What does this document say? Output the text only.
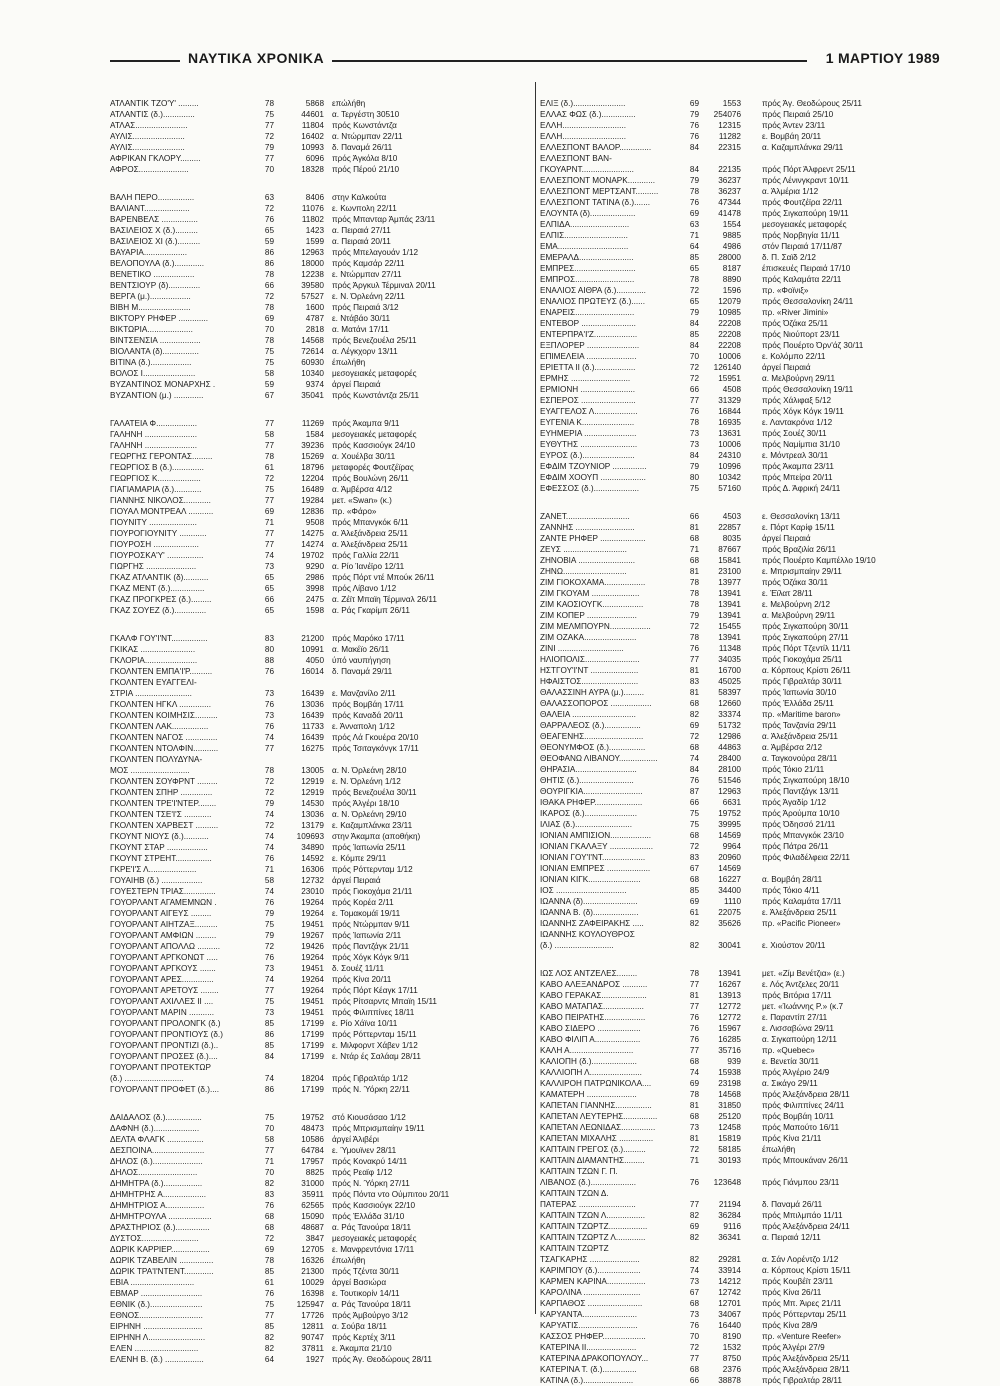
ΝΑΥΤΙΚΑ ΧΡΟΝΙΚΑ	1 ΜΑΡΤΙΟΥ 1989
ΑΤΛΑΝΤΙΚ ΤΖΟ'Υ' .........	78	5868 επώλήθη
ΑΤΛΑΝΤΙΣ (δ.)..............	75	44601 α. Τεργέστη 30510
ΑΤΛΑΣ.......................	77	11804 πρός Κωνστάντζα
ΑΥΛΙΣ.......................	72	16402 α. Ντώρμπαν 22/11
ΑΥΛΙΣ.......................	79	10993 δ. Παναμά 26/11
ΑΦΡΙΚΑΝ ΓΚΛΟΡΥ.........	77	6096 πρός Άγκόλα 8/10
ΑΦΡΟΣ......................	70	18328 πρός Πέρού 21/10
ΒΑΛΗ ΠΕΡΟ................	63	8406 στην Καλκούτα
ΒΑΛΙΑΝΤ....................	72	11076 ε. Κωνπολη 22/11
ΒΑΡΕΝΒΕΛΣ ................	76	11802 πρός Μπανταρ Άμπάς 23/11
ΒΑΣΙΛΕΙΟΣ Χ (δ.)..........	65	1423 α. Πειραιά 27/11
ΒΑΣΙΛΕΙΟΣ ΧΙ (δ.)..........	59	1599 α. Πειραιά 20/11
ΒΑΥΑΡΙΑ...................	86	12963 πρός Μπελαγουάν 1/12
ΒΕΛΟΠΟΥΛΑ (δ.).............	86	18000 πρός Καμσάρ 22/11
ΒΕΝΕΤΙΚΟ ..................	78	12238 ε. Ντώρμπαν 27/11
ΒΕΝΤΣΙΟΥΡ (δ)..............	66	39580 πρός Άργκυλ Τέρμιναλ 20/11
ΒΕΡΓΑ (μ.)..................	72	57527 ε. Ν. Όρλεάνη 22/11
ΒΙΒΗ Μ.......................	78	1600 πρός Πειραιά 3/12
ΒΙΚΤΟΡΥ ΡΗΦΕΡ .............	69	4787 ε. Ντάβάο 30/11
ΒΙΚΤΩΡΙΑ....................	70	2818 α. Ματάνι 17/11
ΒΙΝΤΣΕΝΣΙΑ ..................	78	14568 πρός Βενεζουέλα 25/11
ΒΙΟΛΑΝΤΑ (δ)................	75	72614 α. Λέγκχορν 13/11
ΒΙΤΙΝΑ (δ.)..................	75	60930 έπωλήθη
ΒΟΛΟΣ Ι.......................	58	10340 μεσογειακές μεταφορές
ΒΥΖΑΝΤΙΝΟΣ ΜΟΝΑΡΧΗΣ .	59	9374 άργεί Πειραιά
ΒΥΖΑΝΤΙΟΝ (μ.) .............	67	35041 πρός Κωνστάντζα 25/11
ΓΑΛΑΤΕΙΑ Φ..................	77	11269 πρός Άκαμπα 9/11
ΓΑΛΗΝΗ .......................	58	1584 μεσογειακές μεταφορές
ΓΑΛΗΝΗ .......................	77	39236 πρός Κασσιούγκ 24/10
ΓΕΩΡΓΗΣ ΓΕΡΟΝΤΑΣ.........	78	15269 α. Χουέλβα 30/11
ΓΕΩΡΓΙΟΣ Β (δ.)..............	61	18796 μεταφορές Φουτζέϊρας
ΓΕΩΡΓΙΟΣ Κ...................	72	12204 πρός Βουλώνη 26/11
ΓΙΑΓΙΑΜΑΡΙΑ (δ.)............	75	16489 α. Άμβέρσα 4/12
ΓΙΑΝΝΗΣ ΝΙΚΟΛΟΣ............	77	19284 μετ. «Swan» (κ.)
ΓΙΟΥΑΛ ΜΟΝΤΡΕΑΛ ...........	69	12836 πρ. «Φάρο»
ΓΙΟΥΝΙΤΥ .....................	71	9508 πρός Μπανγκόκ 6/11
ΓΙΟΥΡΟΓΙΟΥΝΙΤΥ ............	77	14275 α. Άλεξάνδρεια 25/11
ΓΙΟΥΡΟΣΗ ....................	77	14274 α. Άλεξάνδρεια 25/11
ΓΙΟΥΡΟΣΚΑ'Υ' ................	74	19702 πρός Γαλλία 22/11
ΓΙΩΡΓΗΣ ......................	73	9290 α. Ρίο Ίανέϊρο 12/11
ΓΚΑΖ ΑΤΛΑΝΤΙΚ (δ)...........	65	2986 πρός Πόρτ ντέ Μπούκ 26/11
ΓΚΑΖ ΜΕΝΤ (δ.)...............	65	3998 πρός Λίβανο 1/12
ΓΚΑΖ ΠΡΟΓΚΡΕΣ (δ.).........	66	2475 α. Ζέϊτ Μπαϊη Τέρμιναλ 26/11
ΓΚΑΖ ΣΟΥΕΖ (δ.)..............	65	1598 α. Ράς Γκαρίμπ 26/11
ΓΚΑΛΦ ΓΟΥ'Ι'ΝΤ................	83	21200 πρός Μαρόκο 17/11
ΓΚΙΚΑΣ ........................	80	10991 α. Μακέϊο 26/11
ΓΚΛΟΡΙΑ.......................	88	4050 ύπό ναυπήγηση
ΓΚΟΛΝΤΕΝ ΕΜΠΑ'Ι'Ρ..........	76	16014 δ. Παναμά 29/11
ΓΚΟΛΝΤΕΝ ΕΥΑΓΓΕΛΙ-
ΣΤΡΙΑ .........................	73	16439 ε. Μανζανίλο 2/11
ΓΚΟΛΝΤΕΝ ΗΓΚΛ ..............	76	13036 πρός Βομβάη 17/11
ΓΚΟΛΝΤΕΝ ΚΟΙΜΗΣΙΣ..........	73	16439 πρός Καναδά 20/11
ΓΚΟΛΝΤΕΝ ΛΑΚ................	76	11733 ε. Άνναπολη 1/12
ΓΚΟΛΝΤΕΝ ΝΑΓΟΣ ..............	74	16439 πρός Λά Γκουέρα 20/10
ΓΚΟΛΝΤΕΝ ΝΤΟΛΦΙΝ...........	77	16275 πρός Τσιταγκόνγκ 17/11
ΓΚΟΛΝΤΕΝ ΠΟΛΥΔΥΝΑ-
ΜΟΣ ..........................	78	13005 α. Ν. Όρλεάνη 28/10
ΓΚΟΛΝΤΕΝ ΣΟΥΦΡΝΤ .........	72	12919 ε. Ν. Όρλεάνη 1/12
ΓΚΟΛΝΤΕΝ ΣΠΗΡ ..............	72	12919 πρός Βενεζουέλα 30/11
ΓΚΟΛΝΤΕΝ ΤΡΕ'Ι'ΝΤΕΡ........	79	14530 πρός Άλγέρι 18/10
ΓΚΟΛΝΤΕΝ ΤΣΕ'Ι'Σ ............	74	13036 α. Ν. Όρλεάνη 29/10
ΓΚΟΛΝΤΕΝ ΧΑΡΒΕΣΤ ..........	72	13179 ε. Καζαμπλάνκα 23/11
ΓΚΟΥΝΤ ΝΙΟΥΣ (δ.)...........	74	109693 στην Άκαμπα (αποθήκη)
ΓΚΟΥΝΤ ΣΤΑΡ ..................	74	34890 πρός Ίαπωνία 25/11
ΓΚΟΥΝΤ ΣΤΡΕΗΤ................	76	14592 ε. Κόμπε 29/11
ΓΚΡΕ'Ι'Σ Λ.....................	71	16306 πρός Ρόττερνταμ 1/12
ΓΟΥΑΙΗΒ (δ.) ..................	58	12732 άργεί Πειραιά
ΓΟΥΕΣΤΕΡΝ ΤΡΙΑΣ..............	74	23010 πρός Γιοκοχάμα 21/11
ΓΟΥΟΡΛΑΝΤ ΑΓΑΜΕΜΝΩΝ .	76	19264 πρός Κορέα 2/11
ΓΟΥΟΡΛΑΝΤ ΑΙΓΕΥΣ .........	79	19264 ε. Τομακομάϊ 19/11
ΓΟΥΟΡΛΑΝΤ ΑΙΗΤΖΑΞ..........	75	19451 πρός Ντώρμπαν 9/11
ΓΟΥΟΡΛΑΝΤ ΑΜΦΙΩΝ .........	79	19267 πρός Ίαπωνία 2/11
ΓΟΥΟΡΛΑΝΤ ΑΠΟΛΛΩ ..........	72	19426 πρός Παντζάγκ 21/11
ΓΟΥΟΡΛΑΝΤ ΑΡΓΚΟΝΩΤ .....	76	19264 πρός Χόγκ Κόγκ 9/11
ΓΟΥΟΡΛΑΝΤ ΑΡΓΚΟΥΣ .......	73	19451 δ. Σουέζ 11/11
ΓΟΥΟΡΛΑΝΤ ΑΡΕΣ..............	74	19264 πρός Κίνα 20/11
ΓΟΥΟΡΛΑΝΤ ΑΡΕΤΟΥΣ ........	77	19264 πρός Πόρτ Κέαγκ 17/11
ΓΟΥΟΡΛΑΝΤ ΑΧΙΛΛΕΣ ΙΙ ....	75	19451 πρός Ρίτσαρντς Μπαϊη 15/11
ΓΟΥΟΡΛΑΝΤ ΜΑΡΙΝ ...........	73	19451 πρός Φιλιππίνες 18/11
ΓΟΥΟΡΛΑΝΤ ΠΡΟΛΟΝΓΚ (δ.)	85	17199 ε. Ρίο Χάϊνα 10/11
ΓΟΥΟΡΛΑΝΤ ΠΡΟΝΤΙΟΥΣ (δ.)	86	17199 πρός Ρόττερνταμ 15/11
ΓΟΥΟΡΛΑΝΤ ΠΡΟΝΤΙΖΙ (δ.)..	85	17199 ε. Μιλφορντ Χάβεν 1/12
ΓΟΥΟΡΛΑΝΤ ΠΡΟΣΕΣ (δ.)....	84	17199 ε. Ντάρ ές Σαλάαμ 28/11
ΓΟΥΟΡΛΑΝΤ ΠΡΟΤΕΚΤΩΡ
(δ.) ..........................	74	18204 πρός Γιβραλτάρ 1/12
ΓΟΥΟΡΛΑΝΤ ΠΡΟΦΕΤ (δ.)....	86	17199 πρός Ν. Ύόρκη 22/11
ΔΑΙΔΑΛΟΣ (δ.)................	75	19752 στό Κιουσάσαο 1/12
ΔΑΦΝΗ (δ.)....................	70	48473 πρός Μπρισμπαίην 19/11
ΔΕΛΤΑ ΦΛΑΓΚ ................	58	10586 άργεί Άλιβέρι
ΔΕΣΠΟΙΝΑ.......................	77	64784 ε. Ύμουϊνεν 28/11
ΔΗΛΟΣ (δ.)......................	71	17957 πρός Κονακρύ 14/11
ΔΗΛΟΣ..........................	70	8825 πρός Ρεαϊφ 1/12
ΔΗΜΗΤΡΑ (δ.).................	82	31000 πρός Ν. Ύόρκη 27/11
ΔΗΜΗΤΡΗΣ Α...................	83	35911 πρός Πόντα ντο Ούμπιτου 20/11
ΔΗΜΗΤΡΙΟΣ Α.................	76	62565 πρός Κασσιούγκ 22/10
ΔΗΜΗΤΡΟΥΛΑ ...................	68	15090 πρός Έλλάδα 31/10
ΔΡΑΣΤΗΡΙΟΣ (δ.)...............	68	48687 α. Ράς Τανούρα 18/11
ΔΥΣΤΟΣ.........................	72	3847 μεσογειακές μεταφορές
ΔΩΡΙΚ ΚΑΡΡΙΕΡ.................	69	12705 ε. Μανφρεντόνια 17/11
ΔΩΡΙΚ ΤΖΑΒΕΛΙΝ ...............	78	16326 έπωλήθη
ΔΩΡΙΚ ΤΡΑ'Ι'ΝΤΕΝΤ.............	85	21300 πρός Τζέντα 30/11
ΕΒΙΑ ............................	61	10029 άργεί Βασιώρα
ΕΒΜΑΡ ...........................	76	16398 ε. Τουτικορίν 14/11
ΕΘΝΙΚ (δ.).......................	75	125947 α. Ράς Τανούρα 18/11
ΕΘΝΟΣ............................	77	17726 πρός Άμβούργο 3/12
ΕΙΡΗΝΗ ..........................	85	12811 α. Σούβα 18/11
ΕΙΡΗΝΗ Λ.........................	82	90747 πρός Κερτέχ 3/11
ΕΛΕΝ ............................	82	37811 ε. Άκαμπα 21/10
ΕΛΕΝΗ Β. (δ.) .................	64	1927 πρός Άγ. Θεοδώρους 28/11
ΕΛΙΞ (δ.).......................	69	1553	πρός Άγ. Θεοδώρους 25/11
ΕΛΛΑΣ ΦΩΣ (δ.)...............	79	254076	πρός Πειραιά 25/10
ΕΛΛΗ............................	76	12315	πρός Άντεν 23/11
ΕΛΛΗ............................	76	11282	ε. Βομβάη 20/11
ΕΛΛΕΣΠΟΝΤ ΒΑΛΟΡ..............	84	22315	α. Καζαμπλάνκα 29/11
ΕΛΛΕΣΠΟΝΤ ΒΑΝ-
ΓΚΟΥΑΡΝΤ.......................	84	22135	πρός Πόρτ Άλφρεντ 25/11
ΕΛΛΕΣΠΟΝΤ ΜΟΝΑΡΚ............	79	36237	πρός Λένινγκραντ 10/11
ΕΛΛΕΣΠΟΝΤ ΜΕΡΤΣΑΝΤ..........	78	36237	α. Άλμέρια 1/12
ΕΛΛΕΣΠΟΝΤ ΤΑΤΙΝΑ (δ.).......	76	47344	πρός Φουτζέϊρα 22/11
ΕΛΟΥΝΤΑ (δ)....................	69	41478	πρός Σιγκαπούρη 19/11
ΕΛΠΙΔΑ..........................	63	1554	μεσογειακές μεταφορές
ΕΛΠΙΣ............................	71	9885	πρός Νορβηγία 11/11
ΕΜΑ...............................	64	4986	στόν Πειραιά 17/11/87
ΕΜΕΡΑΛΔ........................	85	28000	δ. Π. Σαϊδ 2/12
ΕΜΠΡΕΣ...........................	65	8187	έπισκευές Πειραιά 17/10
ΕΜΠΡΟΣ..........................	78	8890	πρός Καλαμάτα 22/11
ΕΝΑΛΙΟΣ ΑΙΘΡΑ (δ.).............	72	1596	πρ. «Φοϊνιξ»
ΕΝΑΛΙΟΣ ΠΡΩΤΕΥΣ (δ.)......	65	12079	πρός Θεσσαλονίκη 24/11
ΕΝΑΡΕΙΣ..........................	79	10985	πρ. «River Jimini»
ΕΝΤΕΒΟΡ ........................	84	22208	πρός Όζάκα 25/11
ΕΝΤΕΡΠΡΑ'Ι'Ζ...................	85	22208	πρός Νιούπορτ 23/11
ΕΞΠΛΟΡΕΡ .......................	84	22208	πρός Πουέρτο Όρν'άζ 30/11
ΕΠΙΜΕΛΕΙΑ ......................	70	10006	ε. Κολόμπο 22/11
ΕΡΙΕΤΤΑ ΙΙ (δ.)..................	72	126140	άργεί Πειραιά
ΕΡΜΗΣ ..........................	72	15951	α. Μελβούρνη 29/11
ΕΡΜΙΟΝΗ ........................	66	4508	πρός Θεσσαλονίκη 19/11
ΕΣΠΕΡΟΣ ........................	77	31329	πρός Χάλιφαξ 5/12
ΕΥΑΓΓΕΛΟΣ Λ...................	76	16844	πρός Χόγκ Κόγκ 19/11
ΕΥΓΕΝΙΑ Κ.......................	78	16935	ε. Λαντακρόνα 1/12
ΕΥΗΜΕΡΙΑ .......................	73	13631	πρός Σουέζ 30/11
ΕΥΘΥΤΗΣ .........................	73	10006	πρός Ναμίμπια 31/10
ΕΥΡΟΣ (δ.).......................	84	24310	ε. Μόντρεαλ 30/11
ΕΦΔΙΜ ΤΖΟΥΝΙΟΡ ...............	79	10996	πρός Άκαμπα 23/11
ΕΦΔΙΜ ΧΟΟΥΠ ....................	80	10342	πρός Μπείρα 20/11
ΕΦΕΣΣΟΣ (δ.)....................	75	57160	πρός Δ. Άφρική 24/11
ΖΑΝΕΤ............................	66	4503	ε. Θεσσαλονίκη 13/11
ΖΑΝΝΗΣ ..........................	81	22857	ε. Πόρτ Καρίφ 15/11
ΖΑΝΤΕ ΡΗΦΕΡ ....................	68	8035	άργεί Πειραιά
ΖΕΥΣ ............................	71	87667	πρός Βραζιλία 26/11
ΖΗΝΟΒΙΑ .........................	68	15841	πρός Πουέρτο Καμπέλλο 19/10
ΖΗΝΩ............................	81	23100	ε. Μπρισμπαίην 29/11
ΖΙΜ ΓΙΟΚΟΧΑΜΑ..................	78	13977	πρός Όζάκα 30/11
ΖΙΜ ΓΚΟΥΑΜ .....................	78	13941	ε. Έϊλατ 28/11
ΖΙΜ ΚΑΟΣΙΟΥΓΚ..................	78	13941	ε. Μελβούρνη 2/12
ΖΙΜ ΚΟΠΕΡ ......................	79	13941	α. Μελβούρνη 29/11
ΖΙΜ ΜΕΛΜΠΟΥΡΝ..................	72	15455	πρός Σιγκαπούρη 30/11
ΖΙΜ ΟΖΑΚΑ.......................	78	13941	πρός Σιγκαπούρη 27/11
ΖΙΝΙ .............................	76	11348	πρός Πόρτ Τζεντίλ 11/11
ΗΛΙΟΠΟΛΙΣ........................	77	34035	πρός Γιοκοχάμα 25/11
ΗΣΤΓΟΥ'Ι'ΝΤ .....................	81	16700	α. Κόρπους Κρίστι 26/11
ΗΦΑΙΣΤΟΣ.........................	83	45025	πρός Γιβραλτάρ 30/11
ΘΑΛΑΣΣΙΝΗ ΑΥΡΑ (μ.).........	81	58397	πρός Ίαπωνία 30/10
ΘΑΛΑΣΣΟΠΟΡΟΣ ..................	68	12660	πρός Έλλάδα 25/11
ΘΑΛΕΙΑ ............................	82	33374	πρ. «Maritime baron»
ΘΑΡΡΑΛΕΟΣ (δ.)................	69	51732	πρός Τανζανία 29/11
ΘΕΑΓΕΝΗΣ..........................	72	12986	α. Άλεξάνδρεια 25/11
ΘΕΟΝΥΜΦΟΣ (δ.)................	68	44863	α. Άμβέρσα 2/12
ΘΕΟΦΑΝΩ ΛΙΒΑΝΟΥ.................	74	28400	α. Ταγκονούρα 28/11
ΘΗΡΑΣΙΑ...........................	84	28100	πρός Τόκιο 21/11
ΘΗΤΙΣ (δ.)........................	76	51546	πρός Σιγκαπούρη 18/10
ΘΟΥΡΙΓΚΙΑ..........................	87	12963	πρός Παντζάγκ 13/11
ΙΘΑΚΑ ΡΗΦΕΡ.....................	66	6631	πρός Άγαδίρ 1/12
ΙΚΑΡΟΣ (δ.).......................	75	19752	πρός Άρούμπα 10/10
ΙΛΙΑΣ (δ.).........................	75	39995	πρός Όδησσό 21/11
ΙΟΝΙΑΝ ΑΜΠΙΣΙΟΝ..................	68	14569	πρός Μπανγκόκ 23/10
ΙΟΝΙΑΝ ΓΚΑΛΑΞΥ ...................	72	9964	πρός Πάτρα 26/11
ΙΟΝΙΑΝ ΓΟΥ'Ι'ΝΤ...................	83	20960	πρός Φιλαδέλφεια 22/11
ΙΟΝΙΑΝ ΕΜΠΡΕΣ ...................	67	14569
ΙΟΝΙΑΝ ΚΙΓΚ.......................	68	16227	α. Βομβάη 28/11
ΙΟΣ ...............................	85	34400	πρός Τόκιο 4/11
ΙΩΑΝΝΑ (δ)........................	69	1110	πρός Καλαμάτα 17/11
ΙΩΑΝΝΑ Β. (δ)....................	61	22075	ε. Άλεξάνδρεια 25/11
ΙΩΑΝΝΗΣ ΖΑΦΕΙΡΑΚΗΣ .....	82	35626	πρ. «Pacific Pioneer»
ΙΩΑΝΝΗΣ ΚΟΥΛΟΥΘΡΟΣ
(δ.) ..........................	82	30041	ε. Χιούστον 20/11
ΙΩΣ ΛΟΣ ΑΝΤΖΕΛΕΣ.........	78	13941	μετ. «Ζίμ Βενέτζια» (ε.)
ΚΑΒΟ ΑΛΕΞΑΝΔΡΟΣ ...........	77	16267	ε. Λός Άντζελες 20/11
ΚΑΒΟ ΓΕΡΑΚΑΣ....................	81	13913	πρός Βιτόρια 17/11
ΚΑΒΟ ΜΑΤΑΠΑΣ..................	77	12772	μετ. «Ίωάννης Ρ.» (κ.7
ΚΑΒΟ ΠΕΙΡΑΤΗΣ..................	76	12772	ε. Παραντίπ 27/11
ΚΑΒΟ ΣΙΔΕΡΟ ...................	76	15967	ε. Λισσαβώνα 29/11
ΚΑΒΟ ΦΙΛΙΠ Α....................	76	16285	α. Σιγκαπούρη 12/11
ΚΑΛΗ Α............................	77	35716	πρ. «Quebec»
ΚΑΛΙΟΠΗ (δ.)....................	68	939	ε. Βενετία 30/11
ΚΑΛΛΙΟΠΗ Λ.......................	74	15938	πρός Άλγέριο 24/9
ΚΑΛΛΙΡΟΗ ΠΑΤΡΩΝΙΚΟΛΑ....	69	23198	α. Σικάγο 29/11
ΚΑΜΑΤΕΡΗ ......................	78	14568	πρός Άλεξάνδρεια 28/11
ΚΑΠΕΤΑΝ ΓΙΑΝΝΗΣ................	81	31850	πρός Φιλιππίνες 24/11
ΚΑΠΕΤΑΝ ΛΕΥΤΕΡΗΣ...............	68	25120	πρός Βομβάη 10/11
ΚΑΠΕΤΑΝ ΛΕΩΝΙΔΑΣ...............	73	12458	πρός Μαπούτο 16/11
ΚΑΠΕΤΑΝ ΜΙΧΑΛΗΣ ...............	81	15819	πρός Κίνα 21/11
ΚΑΠΤΑΙΝ ΓΡΕΓΟΣ (δ.)..........	72	58185	έπωλήθη
ΚΑΠΤΑΙΝ ΔΙΑΜΑΝΤΗΣ.........	71	30193	πρός Μπουκάναν 26/11
ΚΑΠΤΑΙΝ ΤΖΩΝ Γ. Π.
ΛΙΒΑΝΟΣ (δ.)....................	76	123648	πρός Γιάνμπου 23/11
ΚΑΠΤΑΙΝ ΤΖΩΝ Δ.
ΠΑΤΕΡΑΣ .........................	77	21194	δ. Παναμά 26/11
ΚΑΠΤΑΙΝ ΤΖΩΝ Λ.................	82	36284	πρός Μπιλμπάο 11/11
ΚΑΠΤΑΙΝ ΤΖΩΡΤΖ.................	69	9116	πρός Άλεξάνδρεια 24/11
ΚΑΠΤΑΙΝ ΤΖΩΡΤΖ Λ.............	82	36341	α. Πειραιά 12/11
ΚΑΠΤΑΙΝ ΤΖΩΡΤΖ
ΤΣΑΓΚΑΡΗΣ ......................	82	29281	α. Σάν Λορέντζο 1/12
ΚΑΡΙΜΠΟΥ (δ.)...................	74	33914	α. Κόρπους Κρίστι 15/11
ΚΑΡΜΕΝ ΚΑΡΙΝΑ.................	73	14212	πρός Κουβέϊτ 23/11
ΚΑΡΟΛΙΝΑ .........................	67	12742	πρός Κίνα 26/11
ΚΑΡΠΑΘΟΣ ........................	68	12701	πρός Μπ. Άιρες 21/11
ΚΑΡΥΑΝΤΑ........................	73	34067	πρός Ρόττερνταμ 25/11
ΚΑΡΥΑΤΙΣ..........................	76	16440	πρός Κίνα 28/9
ΚΑΣΣΟΣ ΡΗΦΕΡ...................	70	8190	πρ. «Venture Reefer»
ΚΑΤΕΡΙΝΑ ΙΙ......................	72	1532	πρός Άλγέρι 27/9
ΚΑΤΕΡΙΝΑ ΔΡΑΚΟΠΟΥΛΟΥ...	77	8750	πρός Άλεξάνδρεια 25/11
ΚΑΤΕΡΙΝΑ Τ. (δ.)...............	68	2376	πρός Άλεξάνδρεια 28/11
ΚΑΤΙΝΑ (δ.)......................	66	38878	πρός Γιβραλτάρ 28/11
